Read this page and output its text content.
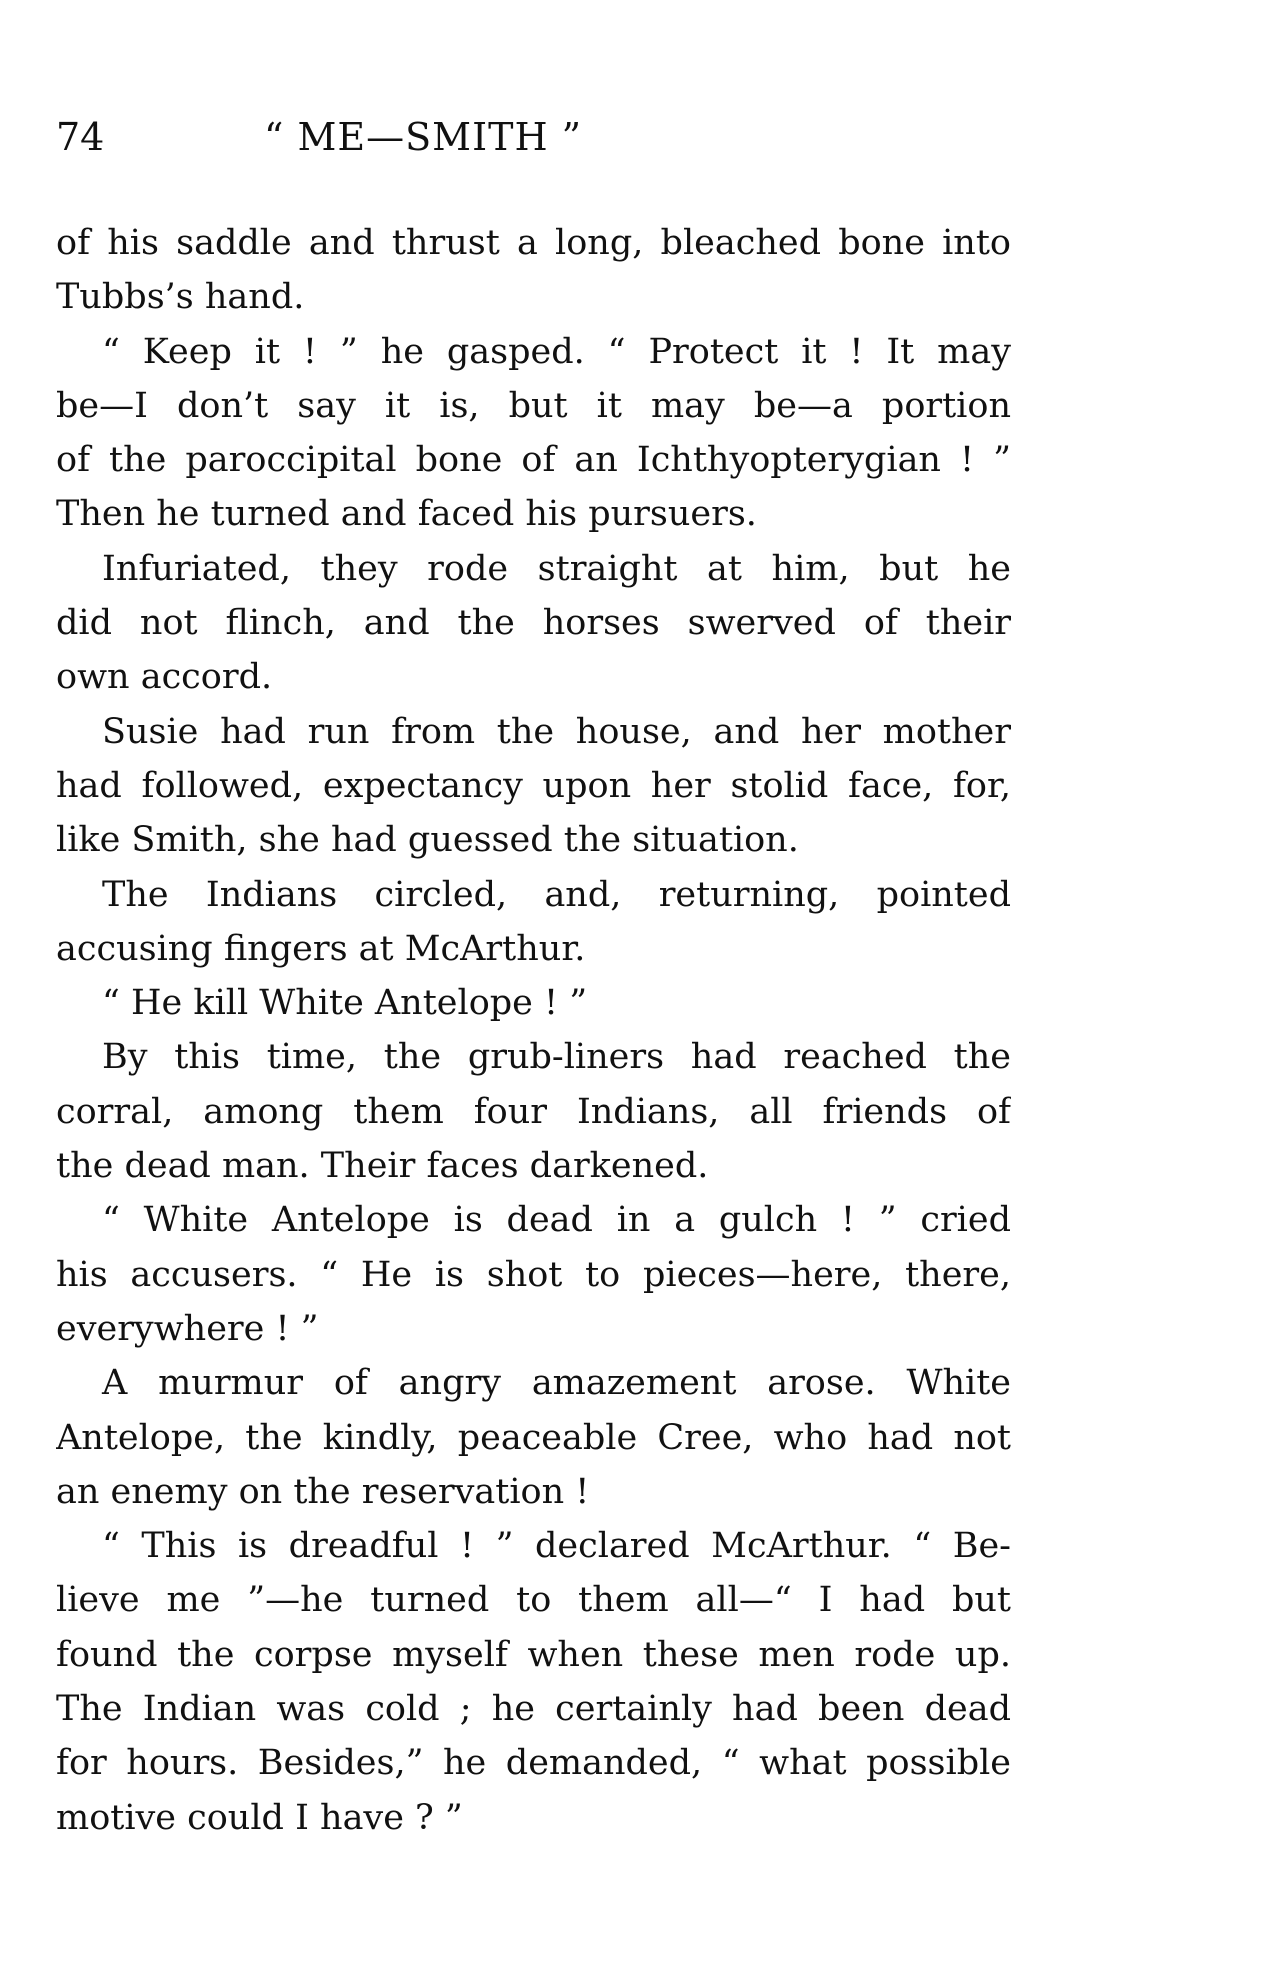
74	“ ME—SMITH ”
of his saddle and thrust a long, bleached bone into
Tubbs’s hand.
“ Keep it ! ” he gasped. “ Protect it ! It may
be—I don’t say it is, but it may be—a portion
of the paroccipital bone of an Ichthyopterygian ! ”
Then he turned and faced his pursuers.
Infuriated, they rode straight at him, but he
did not flinch, and the horses swerved of their
own accord.
Susie had run from the house, and her mother
had followed, expectancy upon her stolid face, for,
like Smith, she had guessed the situation.
The Indians circled, and, returning, pointed
accusing fingers at McArthur.
“ He kill White Antelope ! ”
By this time, the grub-liners had reached the
corral, among them four Indians, all friends of
the dead man. Their faces darkened.
“ White Antelope is dead in a gulch ! ” cried
his accusers. “ He is shot to pieces—here, there,
everywhere ! ”
A murmur of angry amazement arose. White
Antelope, the kindly, peaceable Cree, who had not
an enemy on the reservation !
“ This is dreadful ! ” declared McArthur. “ Be-
lieve me ”—he turned to them all—“ I had but
found the corpse myself when these men rode up.
The Indian was cold ; he certainly had been dead
for hours. Besides,” he demanded, “ what possible
motive could I have ? ”
